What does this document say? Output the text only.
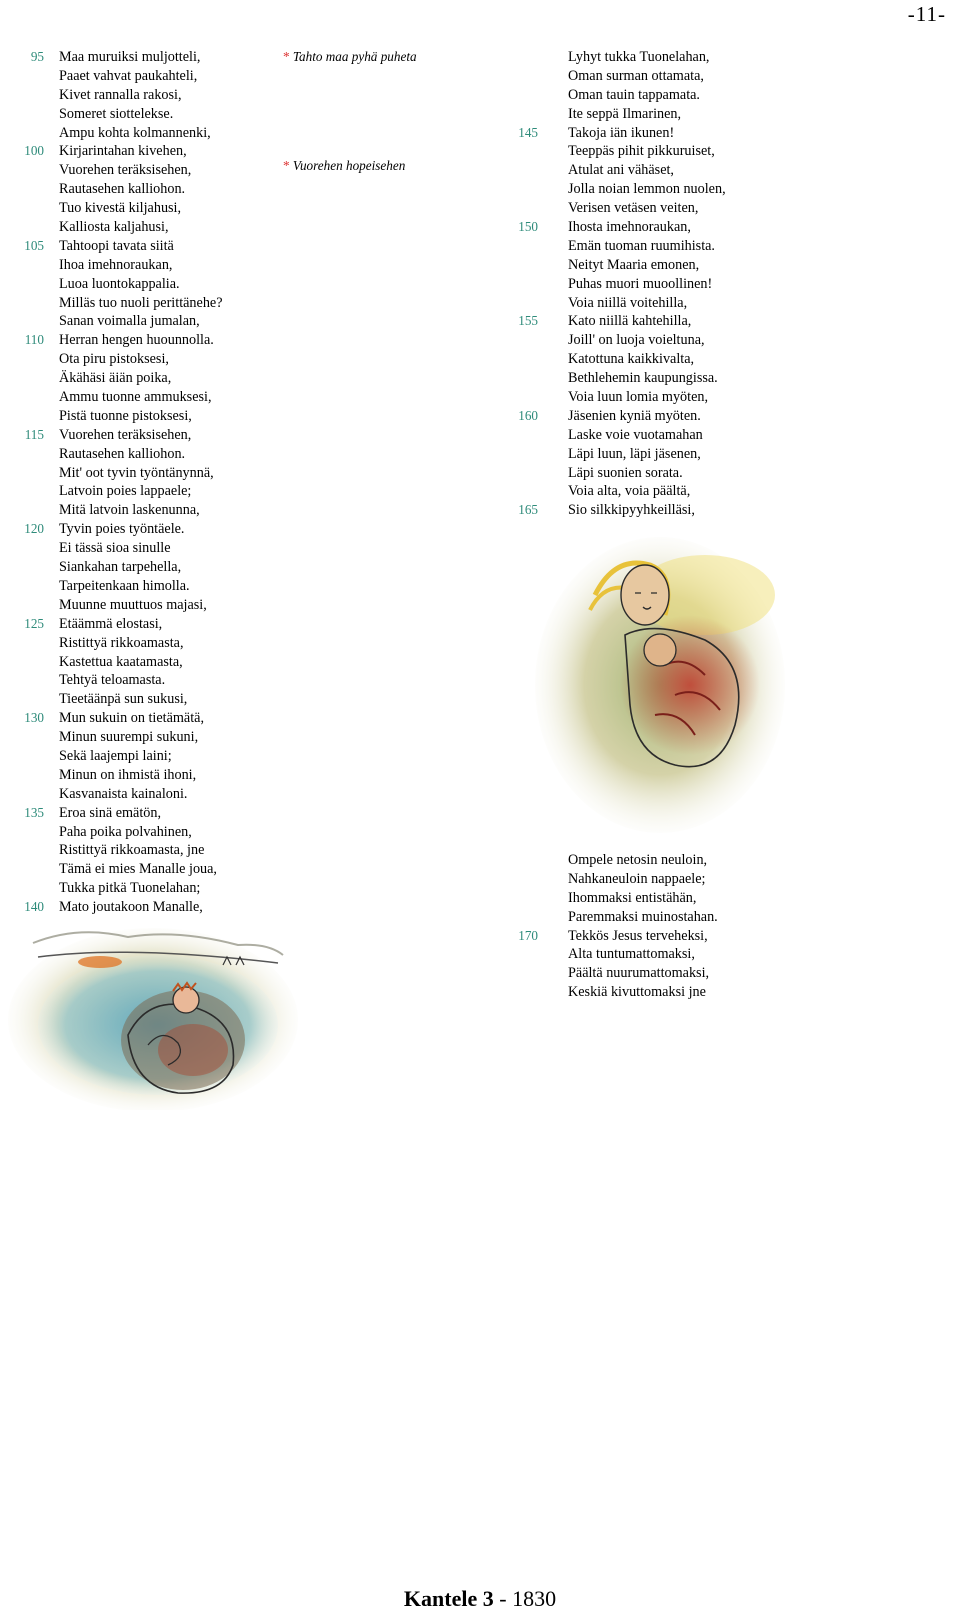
-11-
95 Maa muruiksi muljotteli,
Paaet vahvat paukahteli,
Kivet rannalla rakosi,
Someret siottelekse.
Ampu kohta kolmannenki,
100 Kirjarintahan kivehen,
Vuorehen teräksisehen,
Rautasehen kalliohon.
Tuo kivestä kiljahusi,
Kalliosta kaljahusi,
105 Tahtoopi tavata siitä
Ihoa imehnoraukan,
Luoa luontokappalia.
Milläs tuo nuoli perittänehe?
Sanan voimalla jumalan,
110 Herran hengen huounnolla.
Ota piru pistoksesi,
Äkähäsi äiän poika,
Ammu tuonne ammuksesi,
Pistä tuonne pistoksesi,
115 Vuorehen teräksisehen,
Rautasehen kalliohon.
Mit' oot tyvin työntänynnä,
Latvoin poies lappaele;
Mitä latvoin laskenunna,
120 Tyvin poies työntäele.
Ei tässä sioa sinulle
Siankahan tarpehella,
Tarpeitenkaan himolla.
Muunne muuttuos majasi,
125 Etäämmä elostasi,
Ristittyä rikkoamasta,
Kastettua kaatamasta,
Tehtyä teloamasta.
Tieetäänpä sun sukusi,
130 Mun sukuin on tietämätä,
Minun suurempi sukuni,
Sekä laajempi laini;
Minun on ihmistä ihoni,
Kasvanaista kainaloni.
135 Eroa sinä emätön,
Paha poika polvahinen,
Ristittyä rikkoamasta, jne
Tämä ei mies Manalle joua,
Tukka pitkä Tuonelahan;
140 Mato joutakoon Manalle,
* Tahto maa pyhä puheta
* Vuorehen hopeisehen
Lyhyt tukka Tuonelahan,
Oman surman ottamata,
Oman tauin tappamata.
Ite seppä Ilmarinen,
145 Takoja iän ikunen!
Teeppäs pihit pikkuruiset,
Atulat ani vähäset,
Jolla noian lemmon nuolen,
Verisen vetäsen veiten,
150 Ihosta imehnoraukan,
Emän tuoman ruumihista.
Neityt Maaria emonen,
Puhas muori muoollinen!
Voia niillä voitehilla,
155 Kato niillä kahtehilla,
Joill' on luoja voieltuna,
Katottuna kaikkivalta,
Bethlehemin kaupungissa.
Voia luun lomia myöten,
160 Jäsenien kyniä myöten.
Laske voie vuotamahan
Läpi luun, läpi jäsenen,
Läpi suonien sorata.
Voia alta, voia päältä,
165 Sio silkkipyyhkeilläsi,
Ompele netosin neuloin,
Nahkaneuloin nappaele;
Ihommaksi entistähän,
Paremmaksi muinostahan.
170 Tekkös Jesus terveheksi,
Alta tuntumattomaksi,
Päältä nuurumattomaksi,
Keskiä kivuttomaksi jne
Kantele 3 - 1830
